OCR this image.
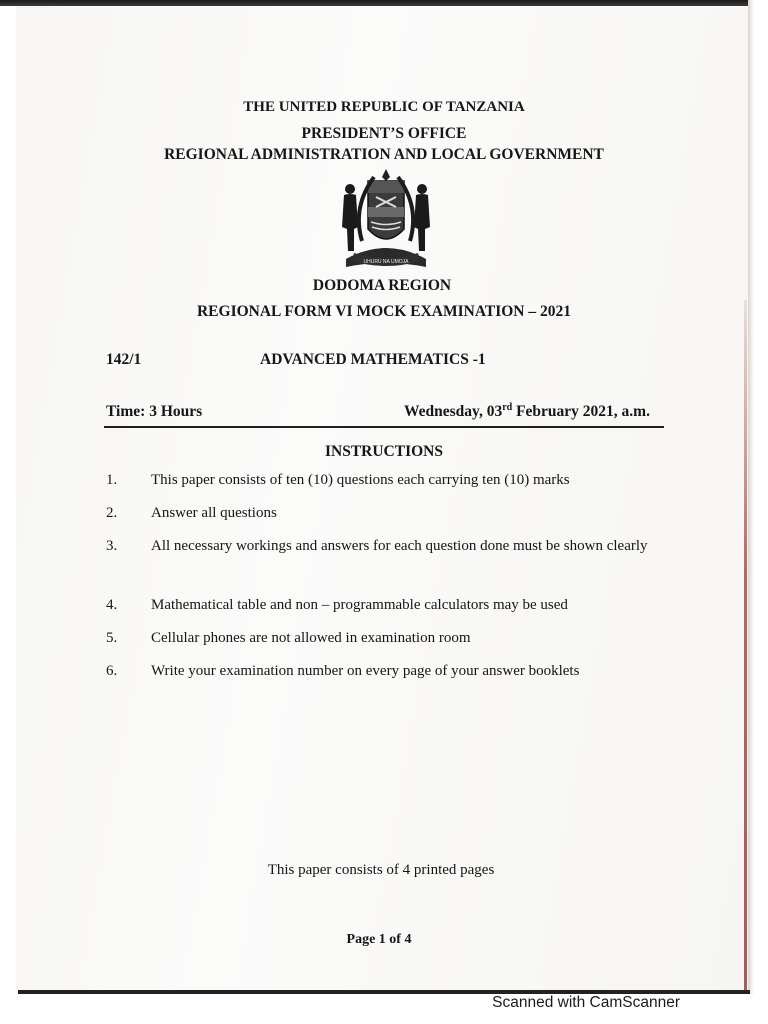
THE UNITED REPUBLIC OF TANZANIA
PRESIDENT’S OFFICE
REGIONAL ADMINISTRATION AND LOCAL GOVERNMENT
UHURU NA UMOJA
DODOMA REGION
REGIONAL FORM VI MOCK EXAMINATION – 2021
142/1	ADVANCED MATHEMATICS -1
Time: 3 Hours	Wednesday, 03rd February 2021, a.m.
INSTRUCTIONS
1.	This paper consists of ten (10) questions each carrying ten (10) marks
2.	Answer all questions
3.	All necessary workings and answers for each question done must be shown clearly
4.	Mathematical table and non – programmable calculators may be used
5.	Cellular phones are not allowed in examination room
6.	Write your examination number on every page of your answer booklets
This paper consists of 4 printed pages
Page 1 of 4
Scanned with CamScanner
